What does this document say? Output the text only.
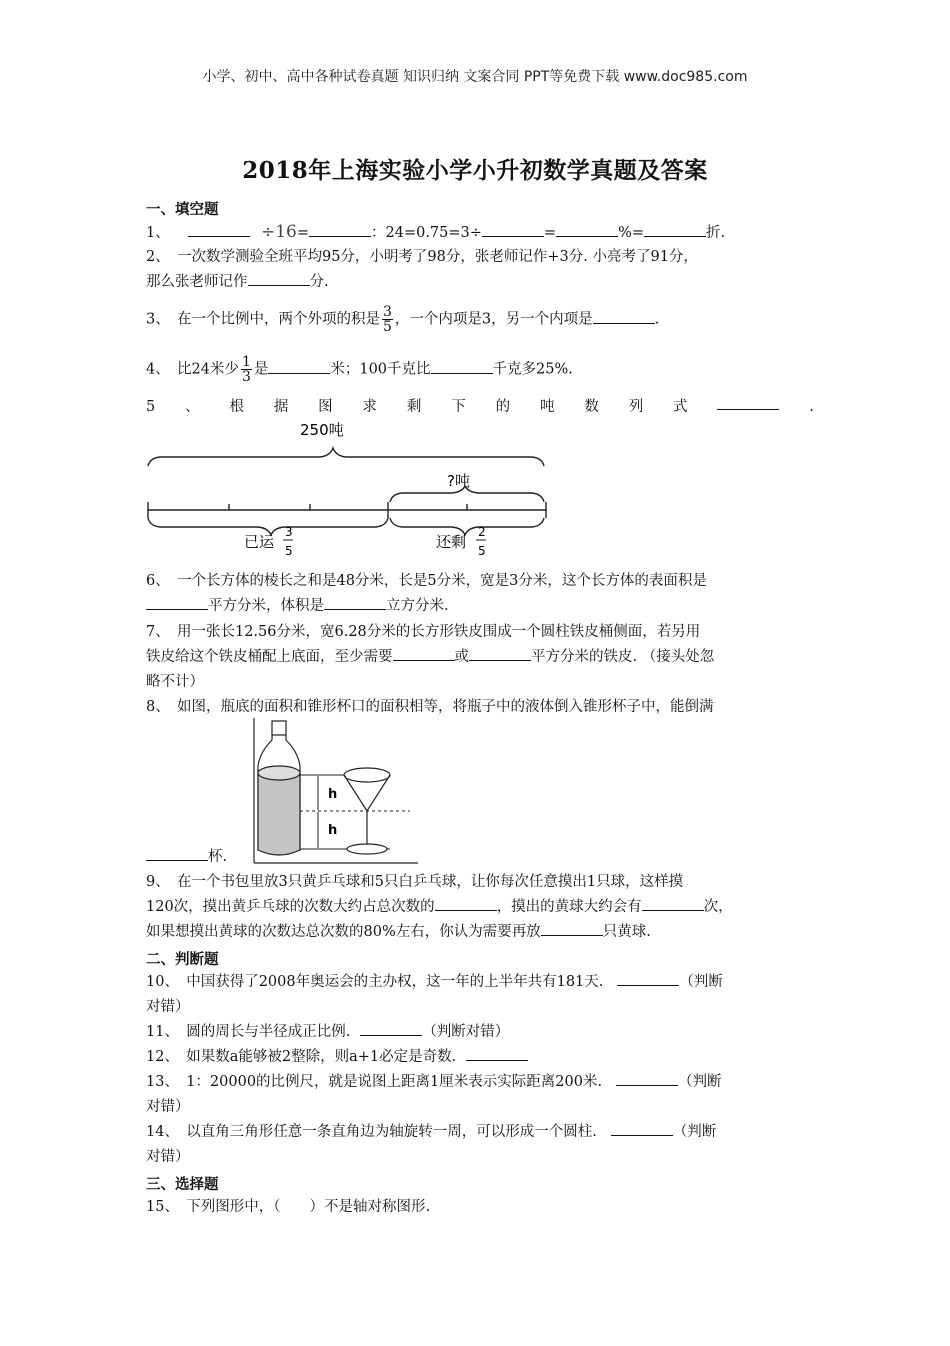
小学、初中、高中各种试卷真题 知识归纳 文案合同 PPT等免费下载 www.doc985.com
2018年上海实验小学小升初数学真题及答案
一、填空题
1、	÷16=	：24=0.75=3÷	=	%=	折.
2、　一次数学测验全班平均95分，小明考了98分，张老师记作+3分. 小亮考了91分，
那么张老师记作	分.
3、　在一个比例中，两个外项的积是 $\frac{3}{5}$ ，一个内项是3，另一个内项是	.
4、　比24米少 $\frac{1}{3}$ 是	米；100千克比	千克多25%.
5 、 根 据 图 求 剩 下 的 吨 数 列 式	.
250吨
?吨
已运
3
5	还剩
2
5
6、　一个长方体的棱长之和是48分米，长是5分米，宽是3分米，这个长方体的表面积是
平方分米，体积是	立方分米.
7、　用一张长12.56分米，宽6.28分米的长方形铁皮围成一个圆柱铁皮桶侧面，若另用
铁皮给这个铁皮桶配上底面，至少需要	或	平方分米的铁皮. （接头处忽
略不计）
8、　如图，瓶底的面积和锥形杯口的面积相等，将瓶子中的液体倒入锥形杯子中，能倒满
h
h
杯.
9、　在一个书包里放3只黄乒乓球和5只白乒乓球，让你每次任意摸出1只球，这样摸
120次，摸出黄乒乓球的次数大约占总次数的	，摸出的黄球大约会有	次，
如果想摸出黄球的次数达总次数的80%左右，你认为需要再放	只黄球.
二、判断题
10、　中国获得了2008年奥运会的主办权，这一年的上半年共有181天.	（判断
对错）
11、　圆的周长与半径成正比例.	（判断对错）
12、　如果数a能够被2整除，则a+1必定是奇数.
13、　1：20000的比例尺，就是说图上距离1厘米表示实际距离200米.	（判断
对错）
14、　以直角三角形任意一条直角边为轴旋转一周，可以形成一个圆柱.	（判断
对错）
三、选择题
15、　下列图形中，（　　）不是轴对称图形.
